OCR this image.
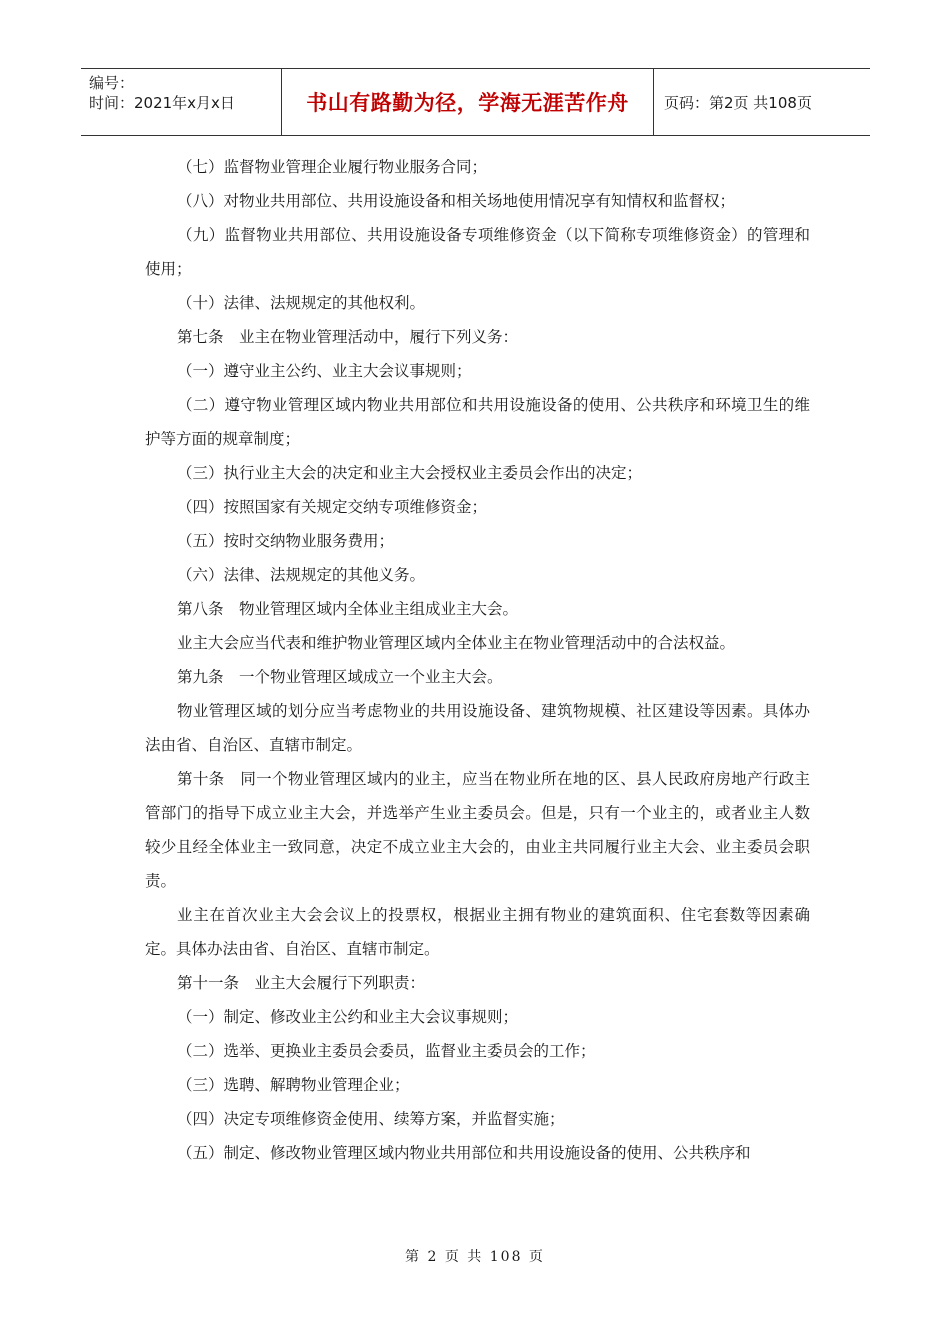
编号：
时间：2021年x月x日	书山有路勤为径，学海无涯苦作舟	页码：第2页 共108页

（七）监督物业管理企业履行物业服务合同；

（八）对物业共用部位、共用设施设备和相关场地使用情况享有知情权和监督权；

（九）监督物业共用部位、共用设施设备专项维修资金（以下简称专项维修资金）的管理和使用；

（十）法律、法规规定的其他权利。

第七条　业主在物业管理活动中，履行下列义务：

（一）遵守业主公约、业主大会议事规则；

（二）遵守物业管理区域内物业共用部位和共用设施设备的使用、公共秩序和环境卫生的维护等方面的规章制度；

（三）执行业主大会的决定和业主大会授权业主委员会作出的决定；

（四）按照国家有关规定交纳专项维修资金；

（五）按时交纳物业服务费用；

（六）法律、法规规定的其他义务。

第八条　物业管理区域内全体业主组成业主大会。

业主大会应当代表和维护物业管理区域内全体业主在物业管理活动中的合法权益。

第九条　一个物业管理区域成立一个业主大会。

物业管理区域的划分应当考虑物业的共用设施设备、建筑物规模、社区建设等因素。具体办法由省、自治区、直辖市制定。

第十条　同一个物业管理区域内的业主，应当在物业所在地的区、县人民政府房地产行政主管部门的指导下成立业主大会，并选举产生业主委员会。但是，只有一个业主的，或者业主人数较少且经全体业主一致同意，决定不成立业主大会的，由业主共同履行业主大会、业主委员会职责。

业主在首次业主大会会议上的投票权，根据业主拥有物业的建筑面积、住宅套数等因素确定。具体办法由省、自治区、直辖市制定。

第十一条　业主大会履行下列职责：

（一）制定、修改业主公约和业主大会议事规则；

（二）选举、更换业主委员会委员，监督业主委员会的工作；

（三）选聘、解聘物业管理企业；

（四）决定专项维修资金使用、续筹方案，并监督实施；

（五）制定、修改物业管理区域内物业共用部位和共用设施设备的使用、公共秩序和

第 2 页 共 108 页
